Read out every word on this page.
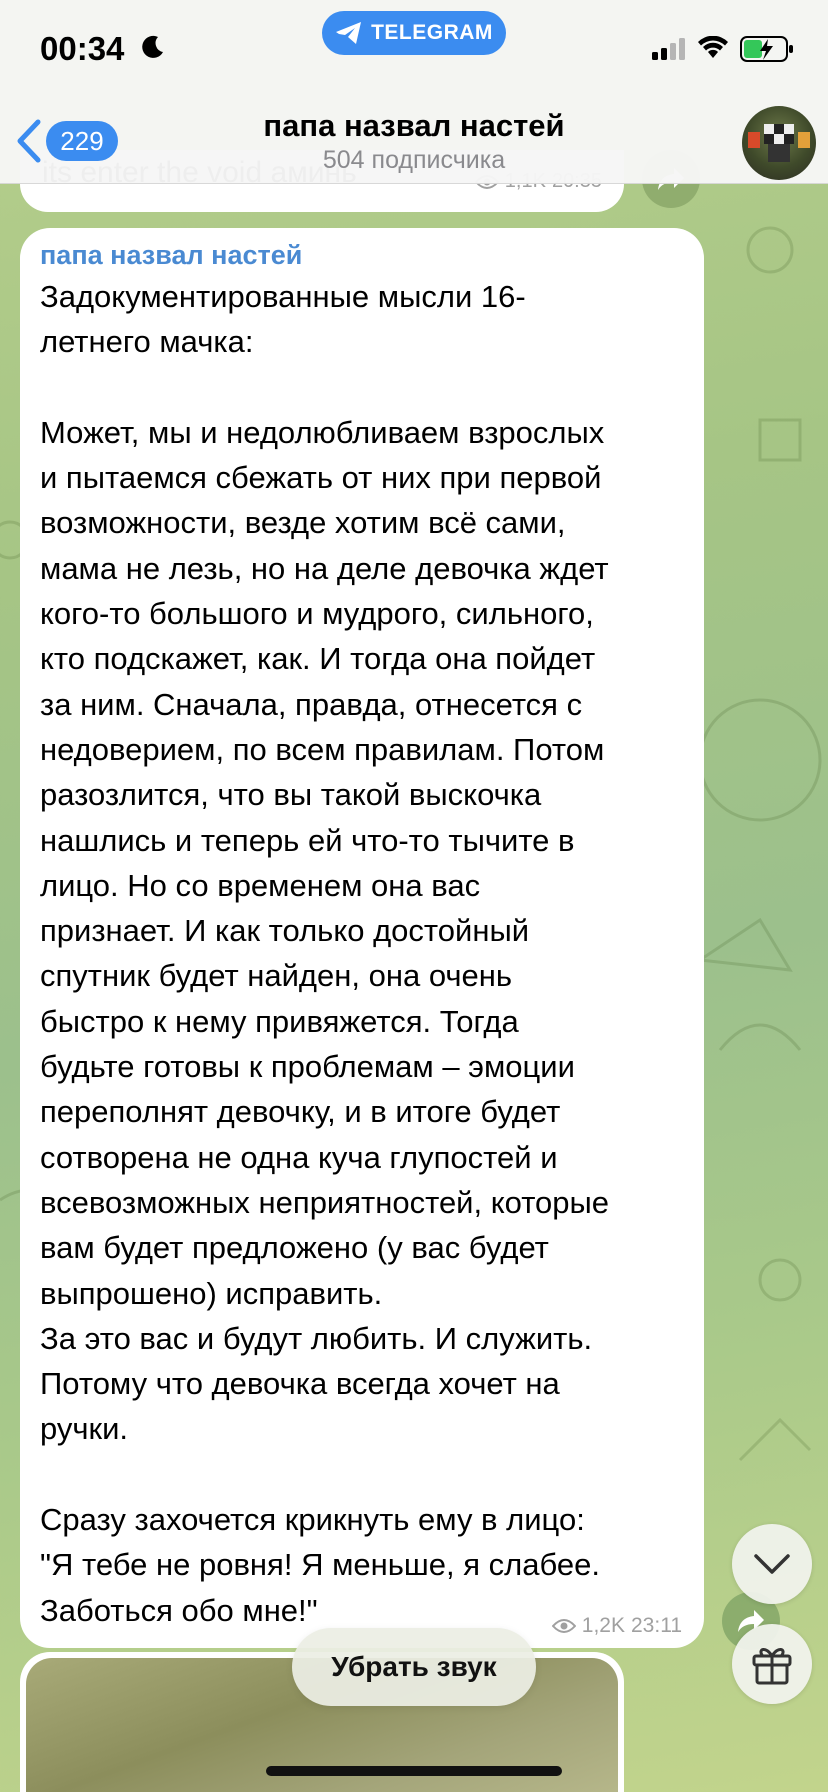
00:34	TELEGRAM
229	папа назвал настей
504 подписчика
папа назвал настей
Задокументированные мысли 16-
летнего мачка:

Может, мы и недолюбливаем взрослых
и пытаемся сбежать от них при первой
возможности, везде хотим всё сами,
мама не лезь, но на деле девочка ждет
кого-то большого и мудрого, сильного,
кто подскажет, как. И тогда она пойдет
за ним. Сначала, правда, отнесется с
недоверием, по всем правилам. Потом
разозлится, что вы такой выскочка
нашлись и теперь ей что-то тычите в
лицо. Но со временем она вас
признает. И как только достойный
спутник будет найден, она очень
быстро к нему привяжется. Тогда
будьте готовы к проблемам – эмоции
переполнят девочку, и в итоге будет
сотворена не одна куча глупостей и
всевозможных неприятностей, которые
вам будет предложено (у вас будет
выпрошено) исправить.
За это вас и будут любить. И служить.
Потому что девочка всегда хочет на
ручки.

Сразу захочется крикнуть ему в лицо:
"Я тебе не ровня! Я меньше, я слабее.
Заботься обо мне!"	1,2K 23:11
Убрать звук
